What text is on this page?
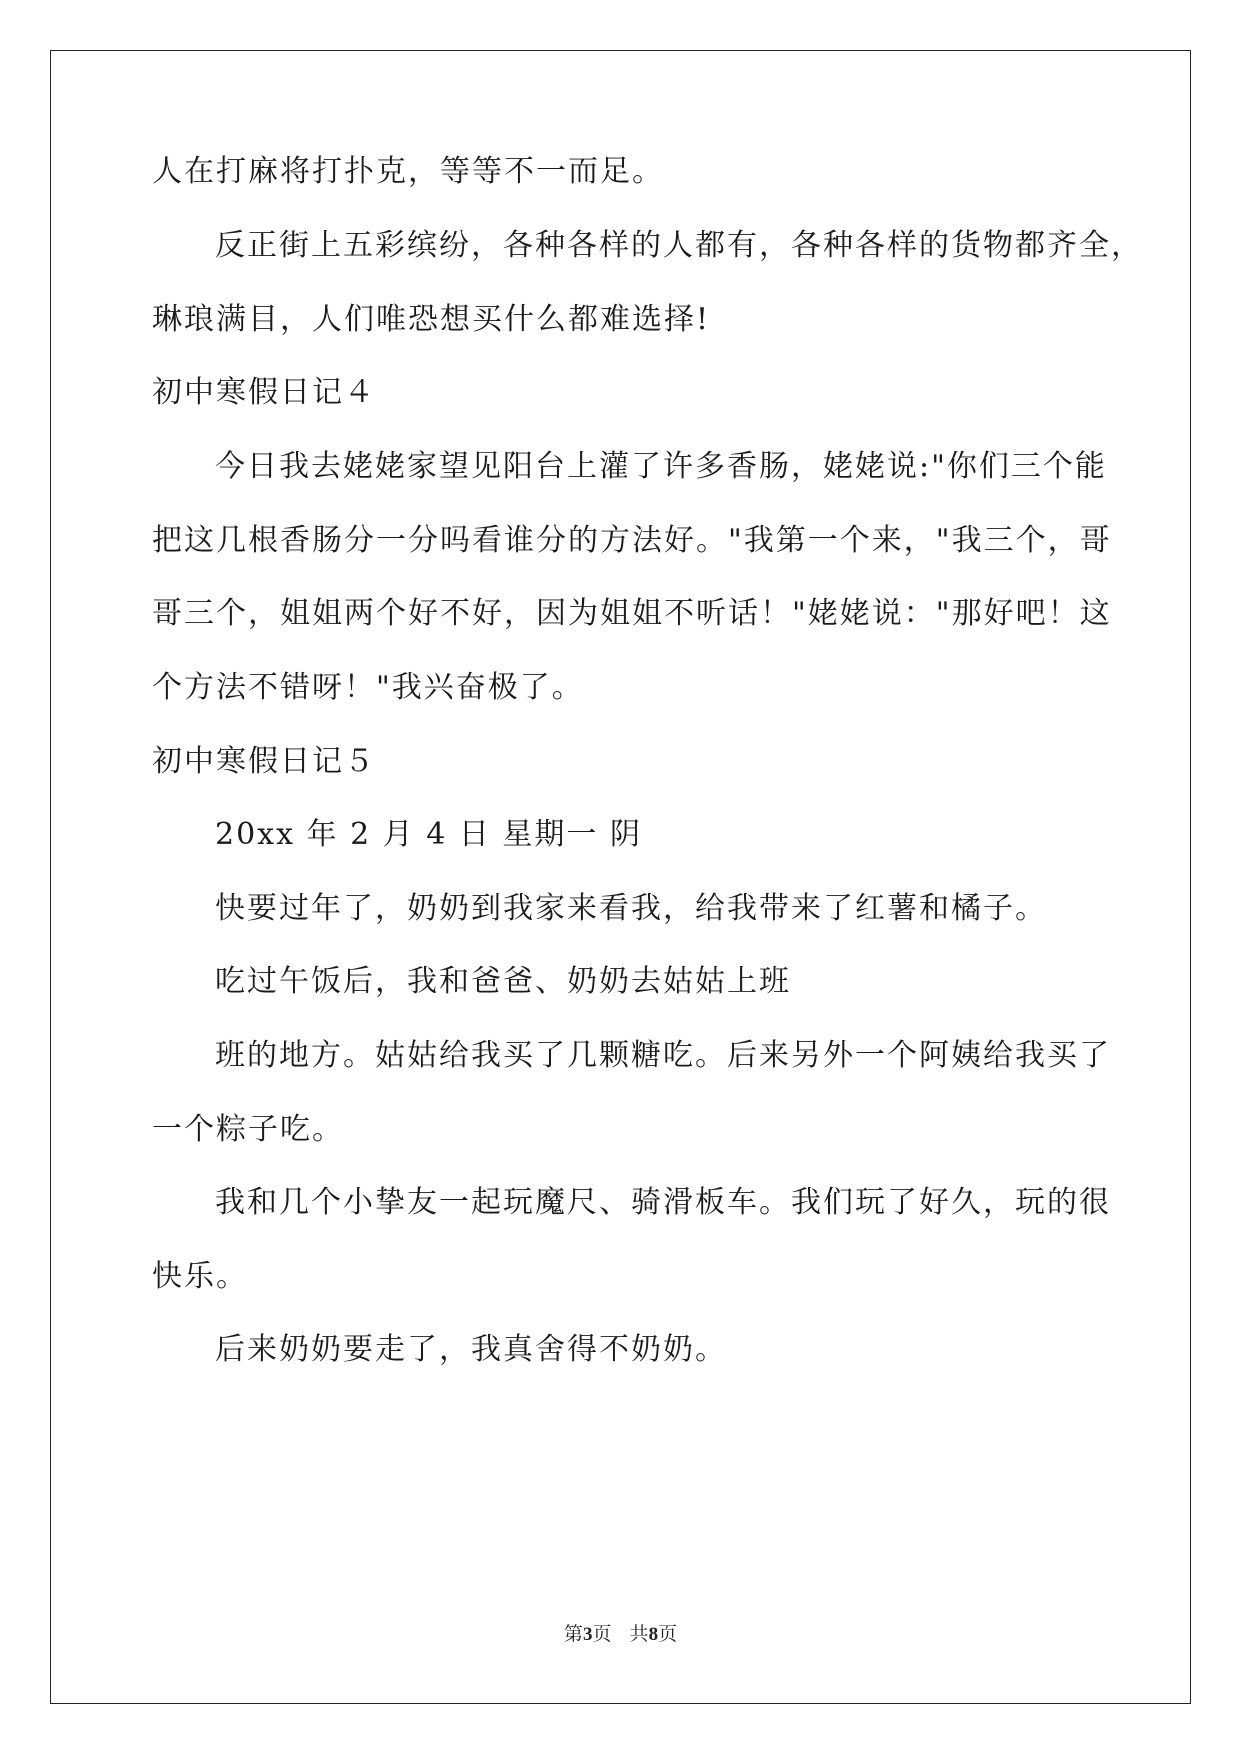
人在打麻将打扑克，等等不一而足。
反正街上五彩缤纷，各种各样的人都有，各种各样的货物都齐全，
琳琅满目，人们唯恐想买什么都难选择!
初中寒假日记４
今日我去姥姥家望见阳台上灌了许多香肠，姥姥说:"你们三个能
把这几根香肠分一分吗看谁分的方法好。"我第一个来，"我三个，哥
哥三个，姐姐两个好不好，因为姐姐不听话！"姥姥说："那好吧！这
个方法不错呀！"我兴奋极了。
初中寒假日记５
20xx 年 2 月 4 日 星期一 阴
快要过年了，奶奶到我家来看我，给我带来了红薯和橘子。
吃过午饭后，我和爸爸、奶奶去姑姑上班
班的地方。姑姑给我买了几颗糖吃。后来另外一个阿姨给我买了
一个粽子吃。
我和几个小挚友一起玩魔尺、骑滑板车。我们玩了好久，玩的很
快乐。
后来奶奶要走了，我真舍得不奶奶。
第3页   共8页
